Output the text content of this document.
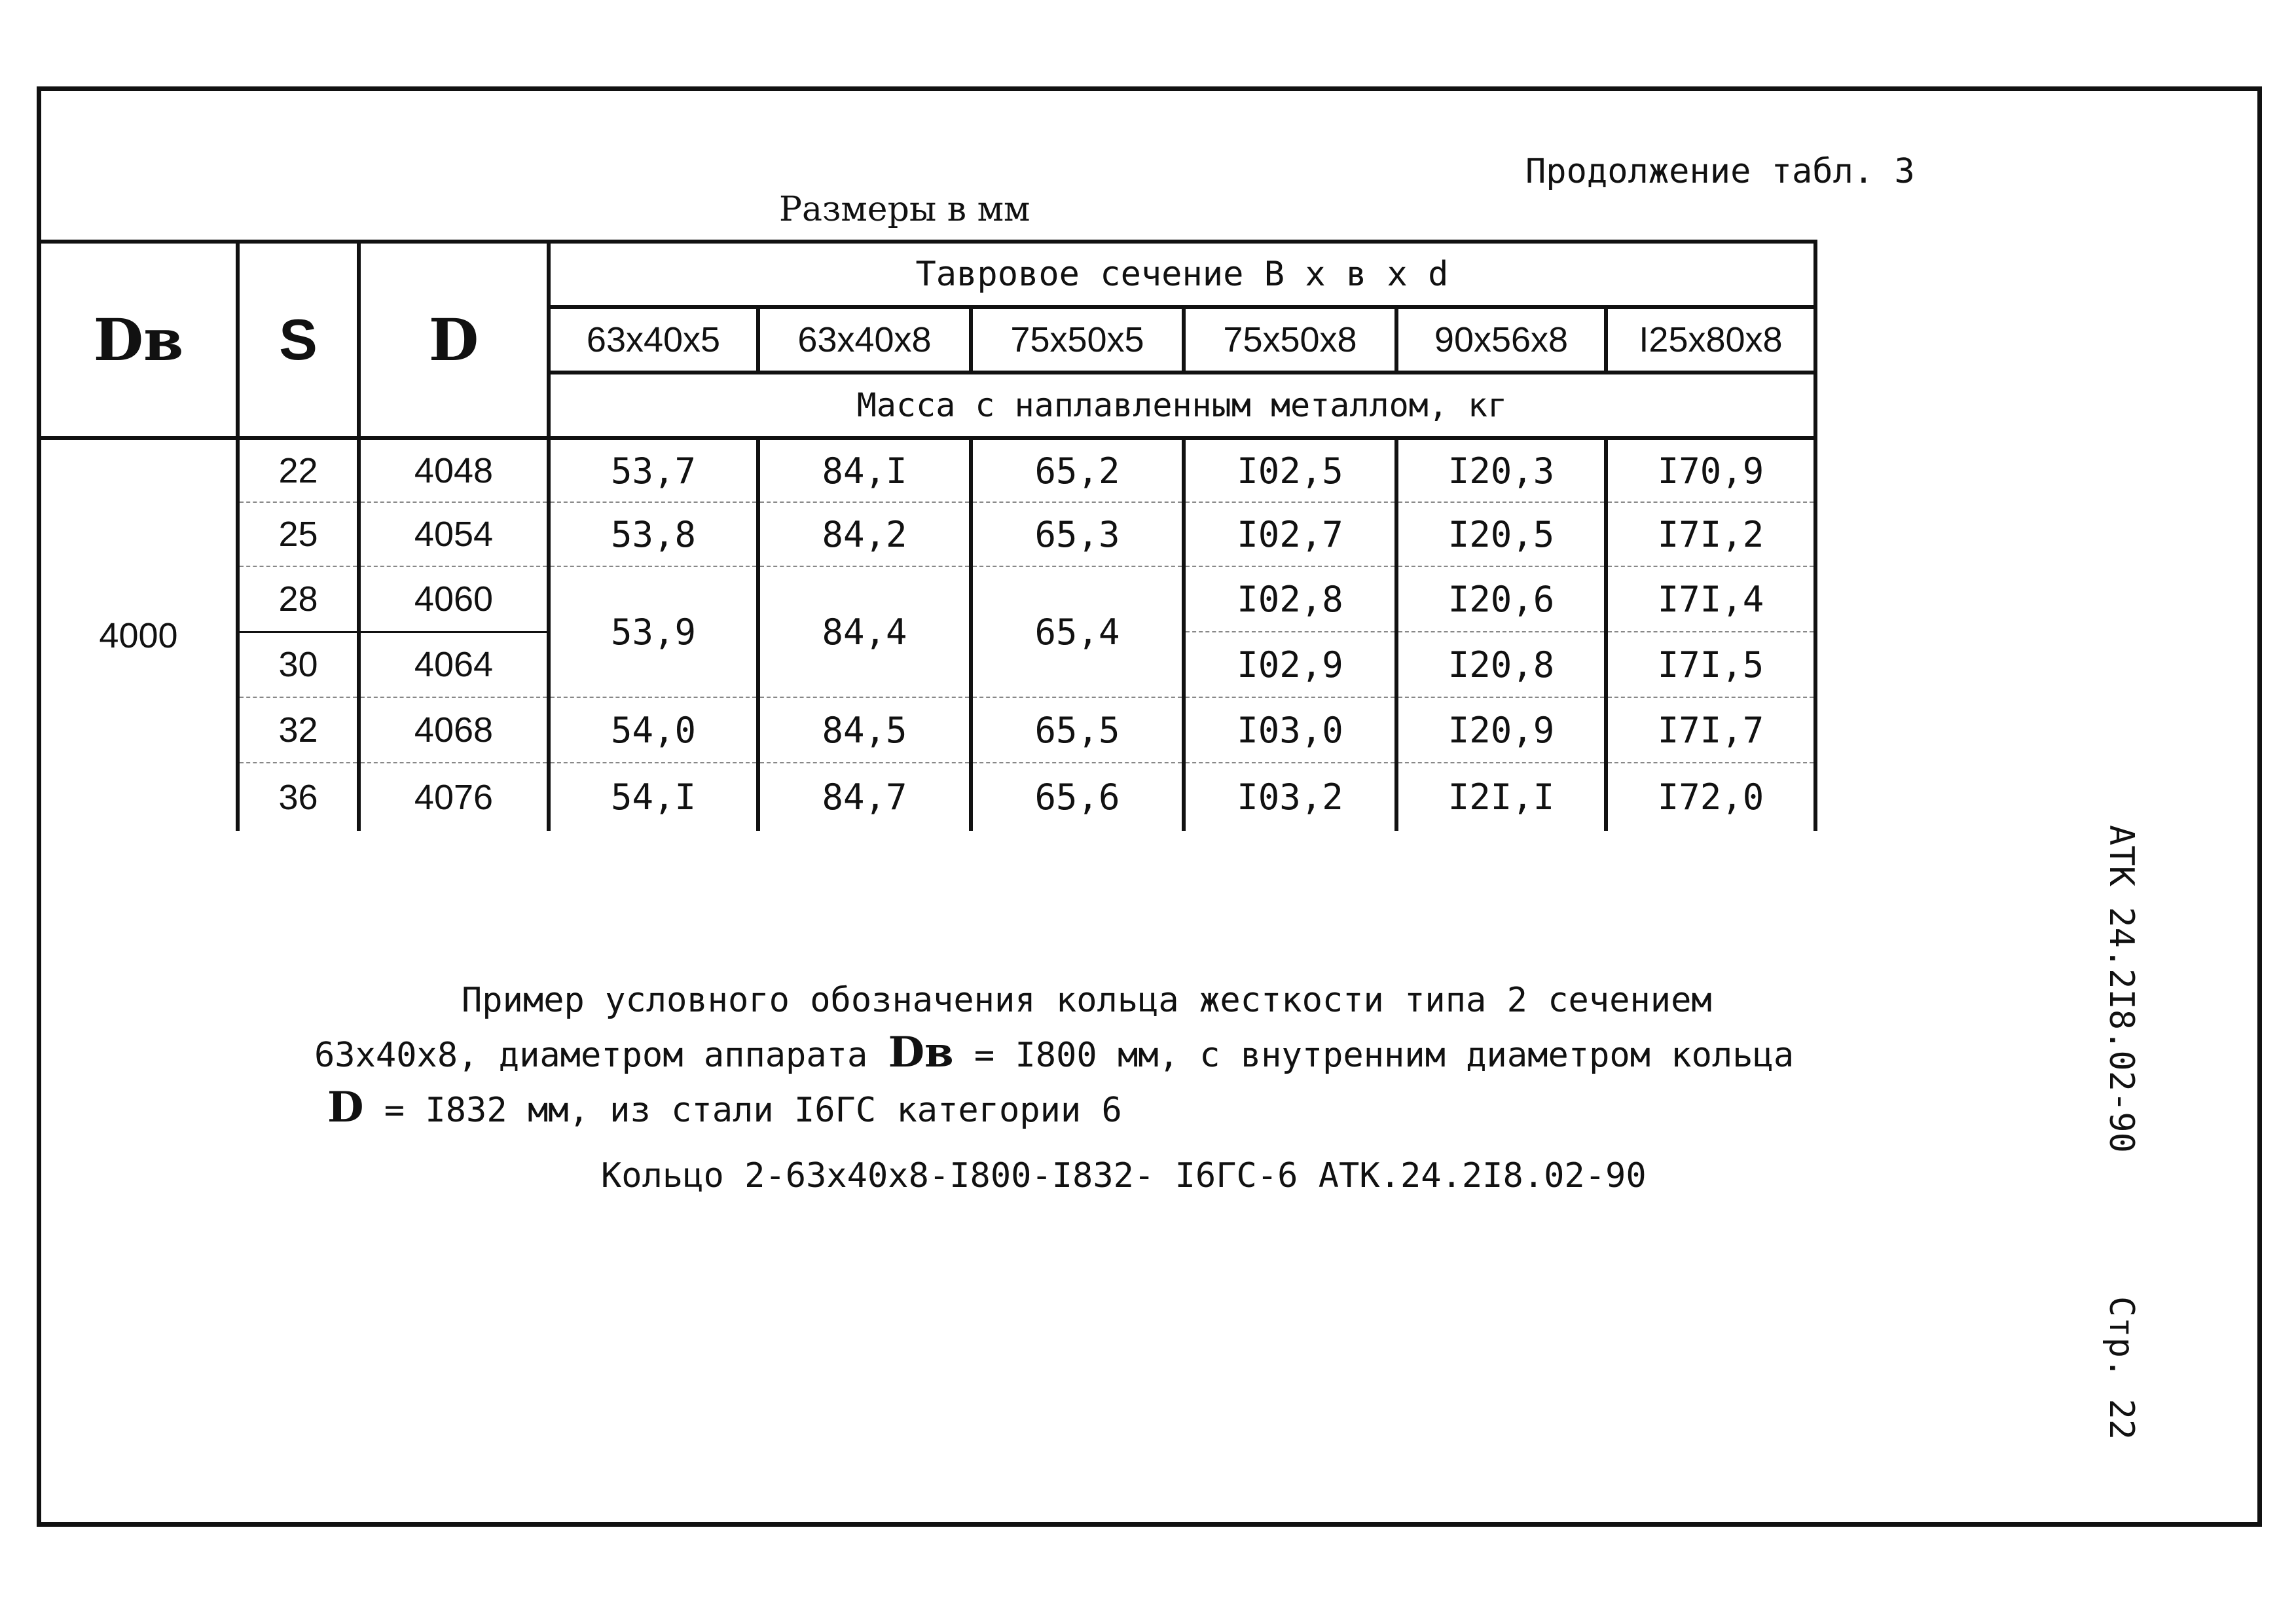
Продолжение табл. 3
Размеры в мм
Dв	S	D	Тавровое сечение B x в x d					
			63x40x5	63x40x8	75x50x5	75x50x8	90x56x8	I25x80x8
			Масса с наплавленным металлом, кг					
4000	22	4048	53,7	84,I	65,2	I02,5	I20,3	I70,9
	25	4054	53,8	84,2	65,3	I02,7	I20,5	I7I,2
	28	4060	53,9	84,4	65,4	I02,8	I20,6	I7I,4
	30	4064				I02,9	I20,8	I7I,5
	32	4068	54,0	84,5	65,5	I03,0	I20,9	I7I,7
	36	4076	54,I	84,7	65,6	I03,2	I2I,I	I72,0
Пример условного обозначения кольца жесткости типа 2 сечением
63x40x8, диаметром аппарата Dв = I800 мм, с внутренним диаметром кольца
D = I832 мм, из стали I6ГС категории 6
Кольцо 2-63x40x8-I800-I832- I6ГС-6 АТК.24.2I8.02-90
АТК 24.2I8.02-90
Стр. 22
